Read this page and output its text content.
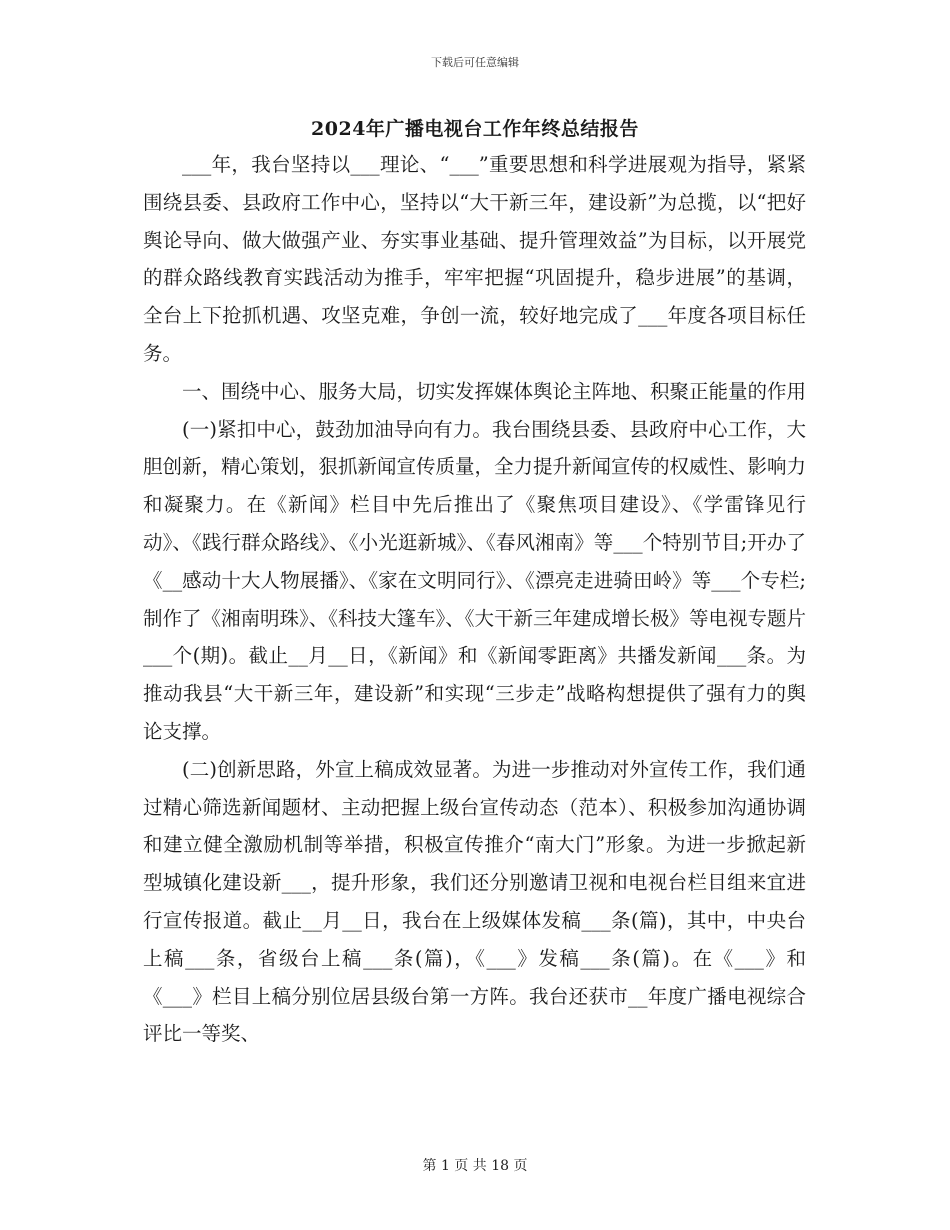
下载后可任意编辑
2024年广播电视台工作年终总结报告

___年，我台坚持以___理论、“___”重要思想和科学进展观为指导，紧紧围绕县委、县政府工作中心，坚持以“大干新三年，建设新”为总揽，以“把好舆论导向、做大做强产业、夯实事业基础、提升管理效益”为目标，以开展党的群众路线教育实践活动为推手，牢牢把握“巩固提升，稳步进展”的基调，全台上下抢抓机遇、攻坚克难，争创一流，较好地完成了___年度各项目标任务。

一、围绕中心、服务大局，切实发挥媒体舆论主阵地、积聚正能量的作用

(一)紧扣中心，鼓劲加油导向有力。我台围绕县委、县政府中心工作，大胆创新，精心策划，狠抓新闻宣传质量，全力提升新闻宣传的权威性、影响力和凝聚力。在《新闻》栏目中先后推出了《聚焦项目建设》、《学雷锋见行动》、《践行群众路线》、《小光逛新城》、《春风湘南》等___个特别节目;开办了《__感动十大人物展播》、《家在文明同行》、《漂亮走进骑田岭》等___个专栏;制作了《湘南明珠》、《科技大篷车》、《大干新三年建成增长极》等电视专题片___个(期)。截止__月__日，《新闻》和《新闻零距离》共播发新闻___条。为推动我县“大干新三年，建设新”和实现“三步走”战略构想提供了强有力的舆论支撑。

(二)创新思路，外宣上稿成效显著。为进一步推动对外宣传工作，我们通过精心筛选新闻题材、主动把握上级台宣传动态（范本）、积极参加沟通协调和建立健全激励机制等举措，积极宣传推介“南大门”形象。为进一步掀起新型城镇化建设新___，提升形象，我们还分别邀请卫视和电视台栏目组来宜进行宣传报道。截止__月__日，我台在上级媒体发稿___条(篇)，其中，中央台上稿___条，省级台上稿___条(篇)，《___》发稿___条(篇)。在《___》和《___》栏目上稿分别位居县级台第一方阵。我台还获市__年度广播电视综合评比一等奖、

第 1 页 共 18 页
